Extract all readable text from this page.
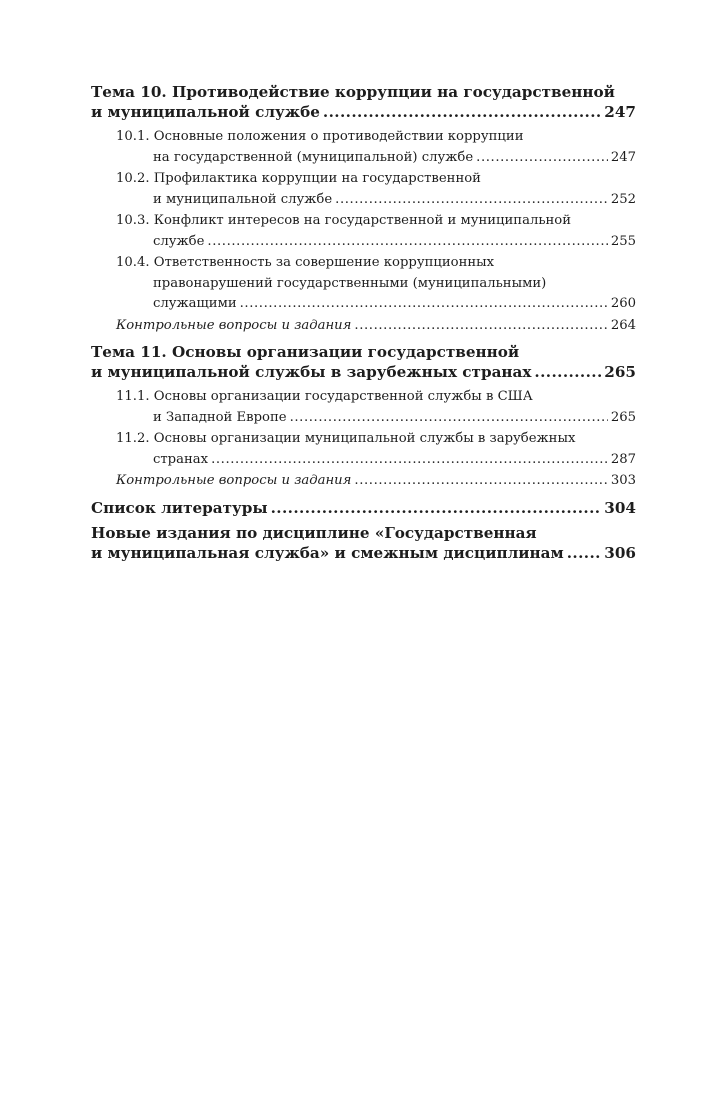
Тема 10. Противодействие коррупции на государственной
и муниципальной службе .....	247
10.1. Основные положения о противодействии коррупции
на государственной (муниципальной) службе .....	247
10.2. Профилактика коррупции на государственной
и муниципальной службе .....	252
10.3. Конфликт интересов на государственной и муниципальной
службе .....	255
10.4. Ответственность за совершение коррупционных
правонарушений государственными (муниципальными)
служащими .....	260
Контрольные вопросы и задания .....	264
Тема 11. Основы организации государственной
и муниципальной службы в зарубежных странах .....	265
11.1. Основы организации государственной службы в США
и Западной Европе .....	265
11.2. Основы организации муниципальной службы в зарубежных
странах .....	287
Контрольные вопросы и задания .....	303
Список литературы .....	304
Новые издания по дисциплине «Государственная
и муниципальная служба» и смежным дисциплинам .....	306
